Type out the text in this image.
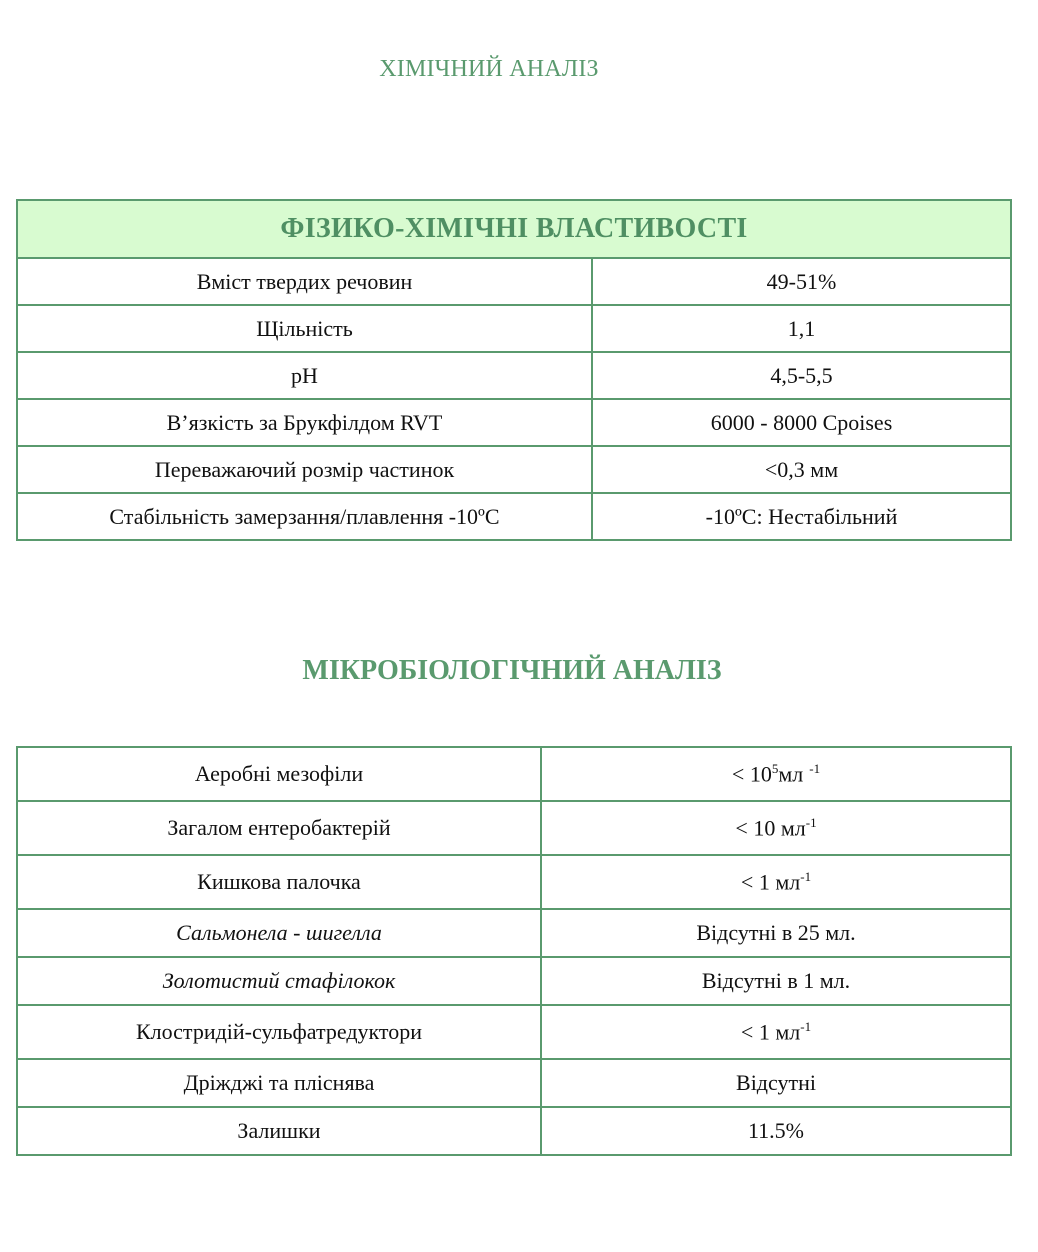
ХІМІЧНИЙ АНАЛІЗ
ФІЗИКО-ХІМІЧНІ ВЛАСТИВОСТІ	
Вміст твердих речовин	49-51%
Щільність	1,1
pH	4,5-5,5
В’язкість за Брукфілдом RVT	6000 - 8000 Cpoises
Переважаючий розмір частинок	<0,3 мм
Стабільність замерзання/плавлення -10ºC	-10ºC: Нестабільний
МІКРОБІОЛОГІЧНИЙ АНАЛІЗ
Аеробні мезофіли	< $10^5мл$ $^{-1}$
Загалом ентеробактерій	< 10 $мл^{-1}$
Кишкова палочка	< 1 $мл^{-1}$
Сальмонела - шигелла	Відсутні в 25 мл.
Золотистий стафілокок	Відсутні в 1 мл.
Клостридій-сульфатредуктори	< 1 $мл^{-1}$
Дріжджі та пліснява	Відсутні
Залишки	11.5%
